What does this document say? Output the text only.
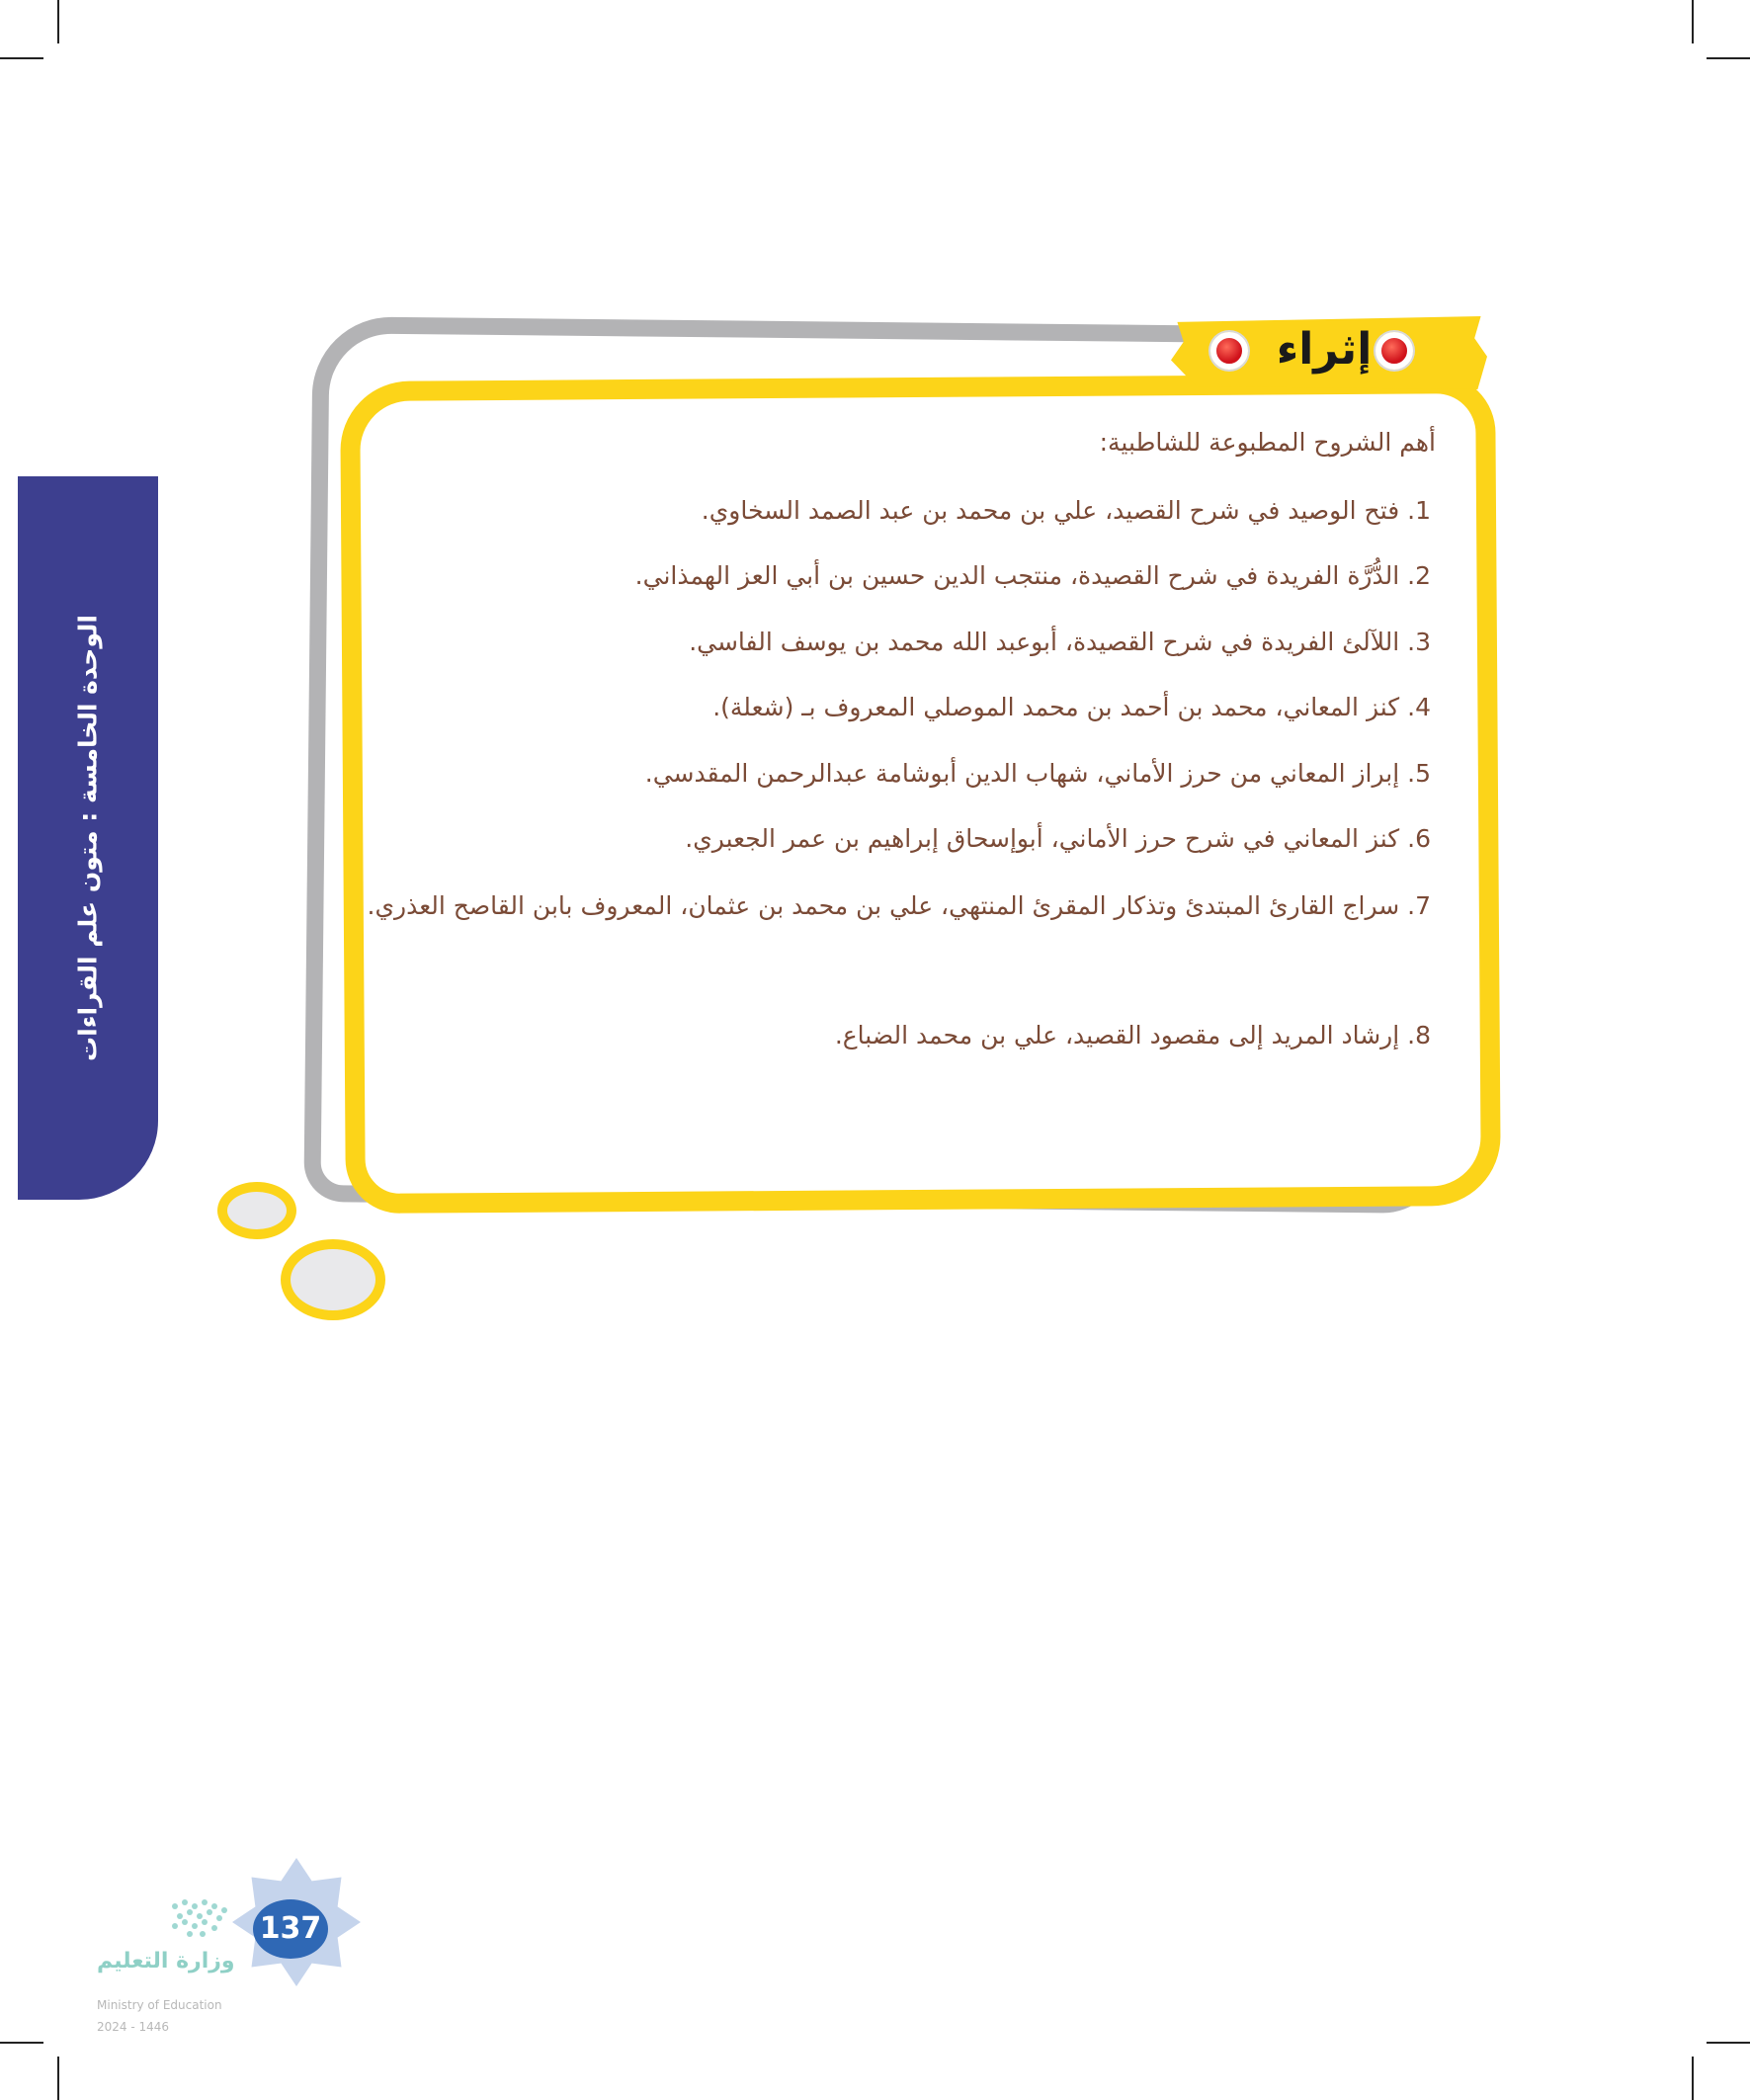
الوحدة الخامسة : متون علم القراءات
إثراء
أهم الشروح المطبوعة للشاطبية:
1. فتح الوصيد في شرح القصيد، علي بن محمد بن عبد الصمد السخاوي.
2. الدُّرَّة الفريدة في شرح القصيدة، منتجب الدين حسين بن أبي العز الهمذاني.
3. اللآلئ الفريدة في شرح القصيدة، أبوعبد الله محمد بن يوسف الفاسي.
4. كنز المعاني، محمد بن أحمد بن محمد الموصلي المعروف بـ (شعلة).
5. إبراز المعاني من حرز الأماني، شهاب الدين أبوشامة عبدالرحمن المقدسي.
6. كنز المعاني في شرح حرز الأماني، أبوإسحاق إبراهيم بن عمر الجعبري.
7. سراج القارئ المبتدئ وتذكار المقرئ المنتهي، علي بن محمد بن عثمان، المعروف بابن القاصح العذري.
8. إرشاد المريد إلى مقصود القصيد، علي بن محمد الضباع.
137
وزارة التعليم
Ministry of Education
2024 - 1446
